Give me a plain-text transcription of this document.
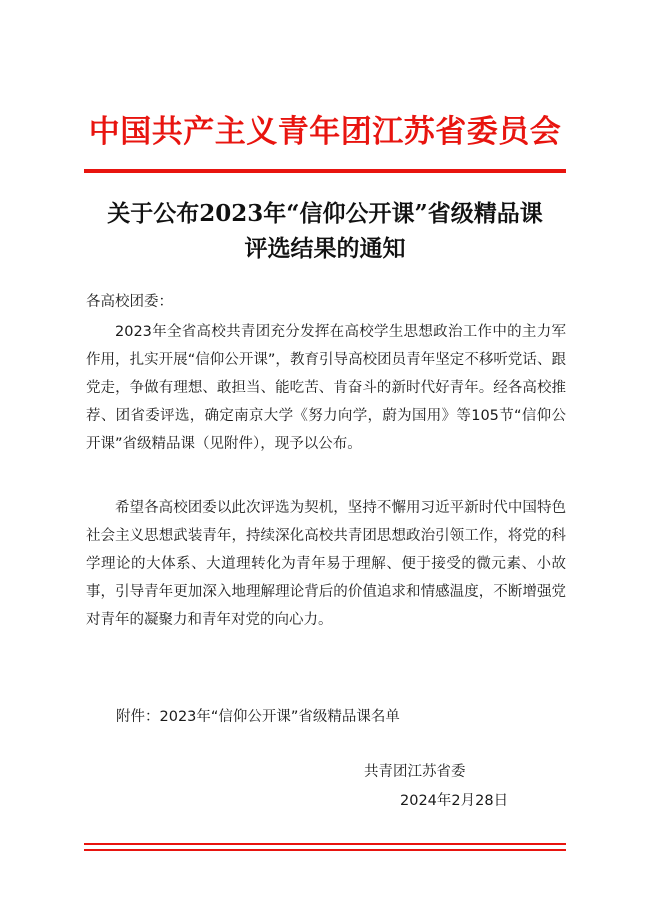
中国共产主义青年团江苏省委员会
关于公布2023年“信仰公开课”省级精品课
评选结果的通知
各高校团委：
2023年全省高校共青团充分发挥在高校学生思想政治工作中的主力军作用，扎实开展“信仰公开课”，教育引导高校团员青年坚定不移听党话、跟党走，争做有理想、敢担当、能吃苦、肯奋斗的新时代好青年。经各高校推荐、团省委评选，确定南京大学《努力向学，蔚为国用》等105节“信仰公开课”省级精品课（见附件），现予以公布。
希望各高校团委以此次评选为契机，坚持不懈用习近平新时代中国特色社会主义思想武装青年，持续深化高校共青团思想政治引领工作，将党的科学理论的大体系、大道理转化为青年易于理解、便于接受的微元素、小故事，引导青年更加深入地理解理论背后的价值追求和情感温度，不断增强党对青年的凝聚力和青年对党的向心力。
附件：2023年“信仰公开课”省级精品课名单
共青团江苏省委
2024年2月28日
